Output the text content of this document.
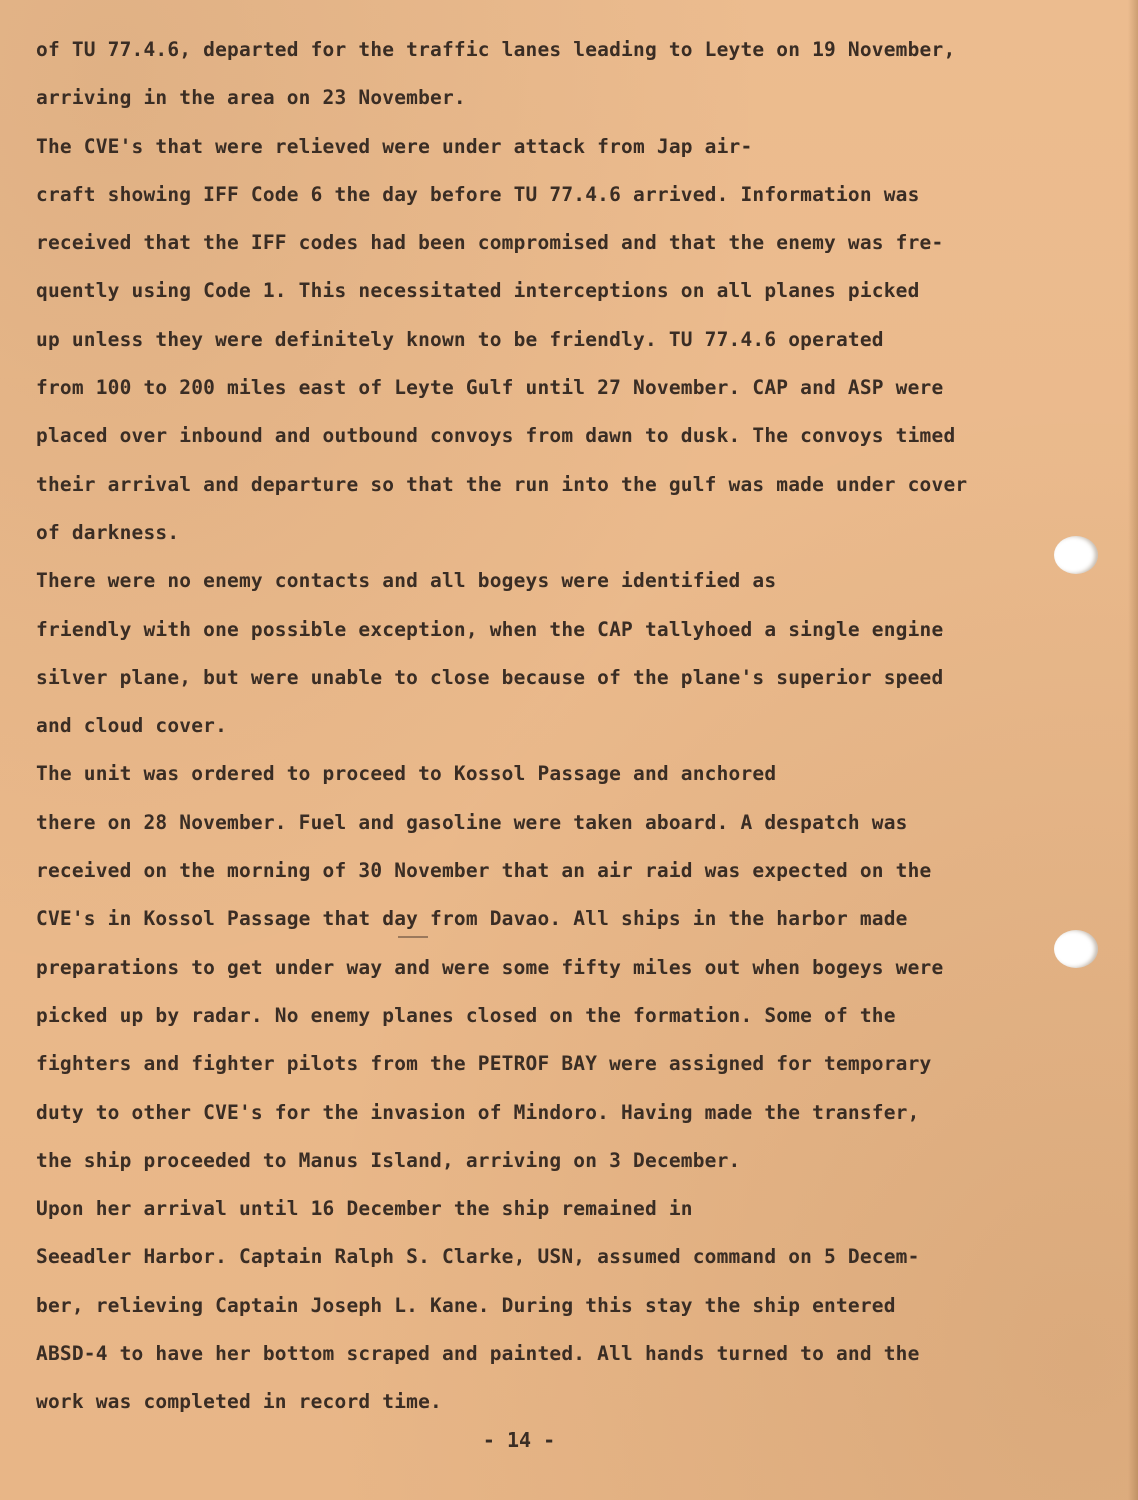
of TU 77.4.6, departed for the traffic lanes leading to Leyte on 19 November,
arriving in the area on 23 November.

The CVE's that were relieved were under attack from Jap air-
craft showing IFF Code 6 the day before TU 77.4.6 arrived. Information was
received that the IFF codes had been compromised and that the enemy was fre-
quently using Code 1. This necessitated interceptions on all planes picked
up unless they were definitely known to be friendly. TU 77.4.6 operated
from 100 to 200 miles east of Leyte Gulf until 27 November. CAP and ASP were
placed over inbound and outbound convoys from dawn to dusk. The convoys timed
their arrival and departure so that the run into the gulf was made under cover
of darkness.

There were no enemy contacts and all bogeys were identified as
friendly with one possible exception, when the CAP tallyhoed a single engine
silver plane, but were unable to close because of the plane's superior speed
and cloud cover.

The unit was ordered to proceed to Kossol Passage and anchored
there on 28 November. Fuel and gasoline were taken aboard. A despatch was
received on the morning of 30 November that an air raid was expected on the
CVE's in Kossol Passage that day from Davao. All ships in the harbor made
preparations to get under way and were some fifty miles out when bogeys were
picked up by radar. No enemy planes closed on the formation. Some of the
fighters and fighter pilots from the PETROF BAY were assigned for temporary
duty to other CVE's for the invasion of Mindoro. Having made the transfer,
the ship proceeded to Manus Island, arriving on 3 December.

Upon her arrival until 16 December the ship remained in
Seeadler Harbor. Captain Ralph S. Clarke, USN, assumed command on 5 Decem-
ber, relieving Captain Joseph L. Kane. During this stay the ship entered
ABSD-4 to have her bottom scraped and painted. All hands turned to and the
work was completed in record time.

- 14 -
